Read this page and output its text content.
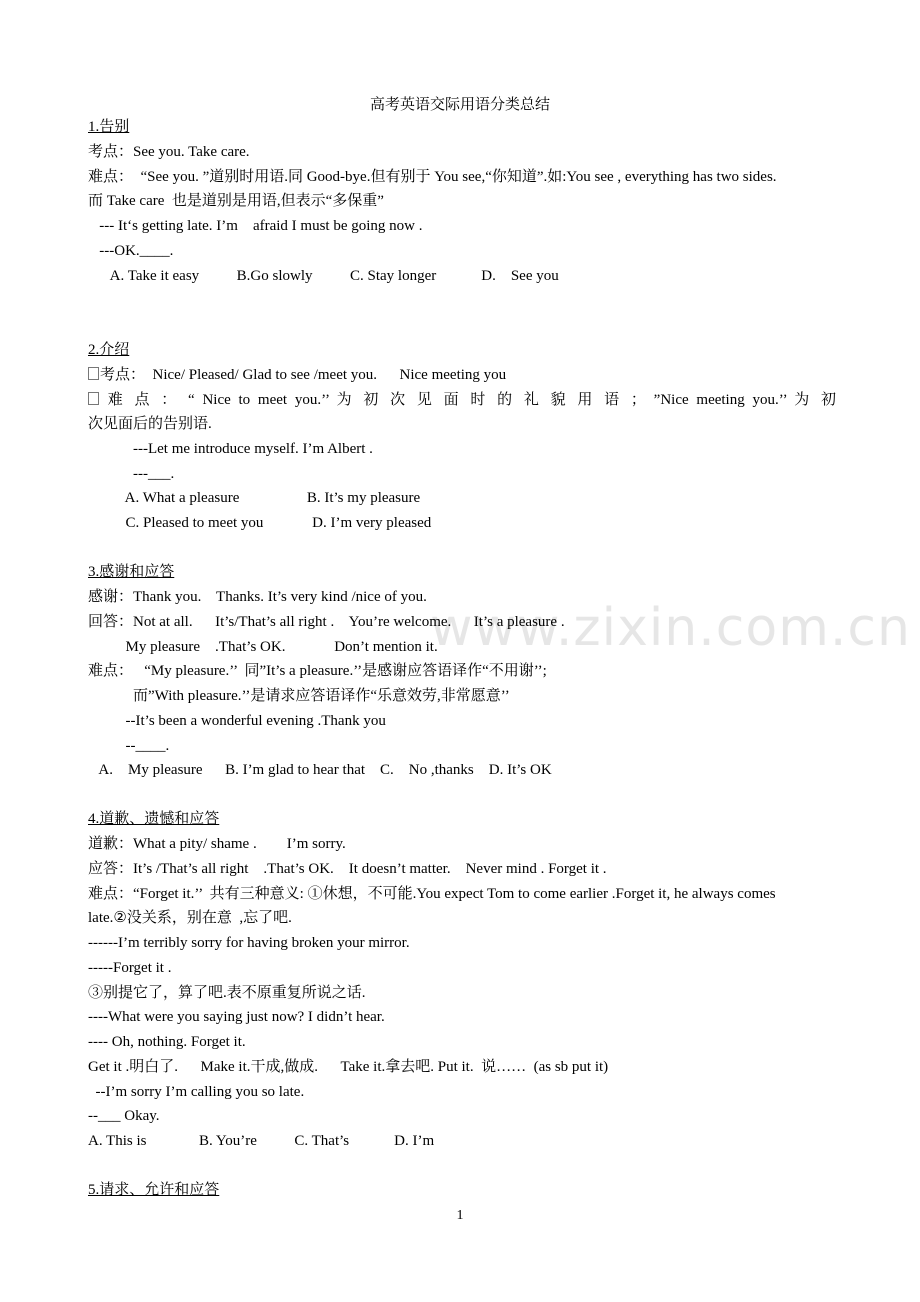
www.zixin.com.cn
高考英语交际用语分类总结
1.告别
考点：See you. Take care.
难点：  “See you. ”道别时用语.同 Good-bye.但有别于 You see,“你知道”.如:You see , everything has two sides.
而 Take care  也是道别是用语,但表示“多保重”
--- It‘s getting late. I’m    afraid I must be going now .
---OK.____.
A. Take it easy          B.Go slowly          C. Stay longer            D.    See you
2.介绍
考点：  Nice/ Pleased/ Glad to see /meet you.      Nice meeting you
难 点 ： “ Nice to meet you.’’ 为 初 次 见 面 时 的 礼 貌 用 语 ； ”Nice meeting you.’’ 为 初
次见面后的告别语.
---Let me introduce myself. I’m Albert .
---___.
A. What a pleasure                  B. It’s my pleasure
C. Pleased to meet you             D. I’m very pleased
3.感谢和应答
感谢：Thank you.    Thanks. It’s very kind /nice of you.
回答：Not at all.      It’s/That’s all right .    You’re welcome.      It’s a pleasure .
My pleasure    .That’s OK.             Don’t mention it.
难点：   “My pleasure.’’  同”It’s a pleasure.’’是感谢应答语译作“不用谢’’;
而”With pleasure.’’是请求应答语译作“乐意效劳,非常愿意’’
--It’s been a wonderful evening .Thank you
--____.
A.    My pleasure      B. I’m glad to hear that    C.    No ,thanks    D. It’s OK
4.道歉、遗憾和应答
道歉：What a pity/ shame .        I’m sorry.
应答：It’s /That’s all right    .That’s OK.    It doesn’t matter.    Never mind . Forget it .
难点：“Forget it.’’  共有三种意义: ①休想，不可能.You expect Tom to come earlier .Forget it, he always comes
late.②没关系，别在意  ,忘了吧.
------I’m terribly sorry for having broken your mirror.
-----Forget it .
③别提它了，算了吧.表不原重复所说之话.
----What were you saying just now? I didn’t hear.
---- Oh, nothing. Forget it.
Get it .明白了.      Make it.干成,做成.      Take it.拿去吧. Put it.  说……  (as sb put it)
--I’m sorry I’m calling you so late.
--___ Okay.
A. This is              B. You’re          C. That’s            D. I’m
5.请求、允许和应答
1
